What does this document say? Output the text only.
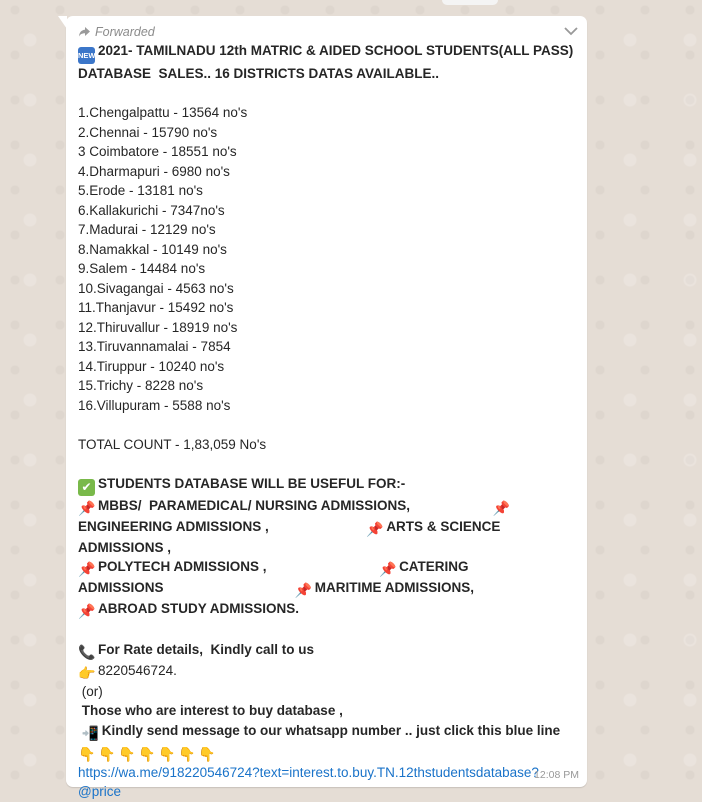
Forwarded
NEW 2021- TAMILNADU 12th MATRIC & AIDED SCHOOL STUDENTS(ALL PASS) DATABASE  SALES.. 16 DISTRICTS DATAS AVAILABLE..

1.Chengalpattu - 13564 no's
2.Chennai - 15790 no's
3 Coimbatore - 18551 no's
4.Dharmapuri - 6980 no's
5.Erode - 13181 no's
6.Kallakurichi - 7347no's
7.Madurai - 12129 no's
8.Namakkal - 10149 no's
9.Salem - 14484 no's
10.Sivagangai - 4563 no's
11.Thanjavur - 15492 no's
12.Thiruvallur - 18919 no's
13.Tiruvannamalai - 7854
14.Tiruppur - 10240 no's
15.Trichy - 8228 no's
16.Villupuram - 5588 no's

TOTAL COUNT - 1,83,059 No's

✔ STUDENTS DATABASE WILL BE USEFUL FOR:-
📌 MBBS/  PARAMEDICAL/ NURSING ADMISSIONS,	📌
ENGINEERING ADMISSIONS ,	📌 ARTS & SCIENCE
ADMISSIONS ,
📌 POLYTECH ADMISSIONS ,	📌 CATERING
ADMISSIONS	📌 MARITIME ADMISSIONS,
📌 ABROAD STUDY ADMISSIONS.

📞 For Rate details,  Kindly call to us
👉 8220546724.
(or)
Those who are interest to buy database ,
📲 Kindly send message to our whatsapp number .. just click this blue line
👇 👇 👇 👇 👇 👇 👇
https://wa.me/918220546724?text=interest.to.buy.TN.12thstudentsdatabase?
@price
12:08 PM
